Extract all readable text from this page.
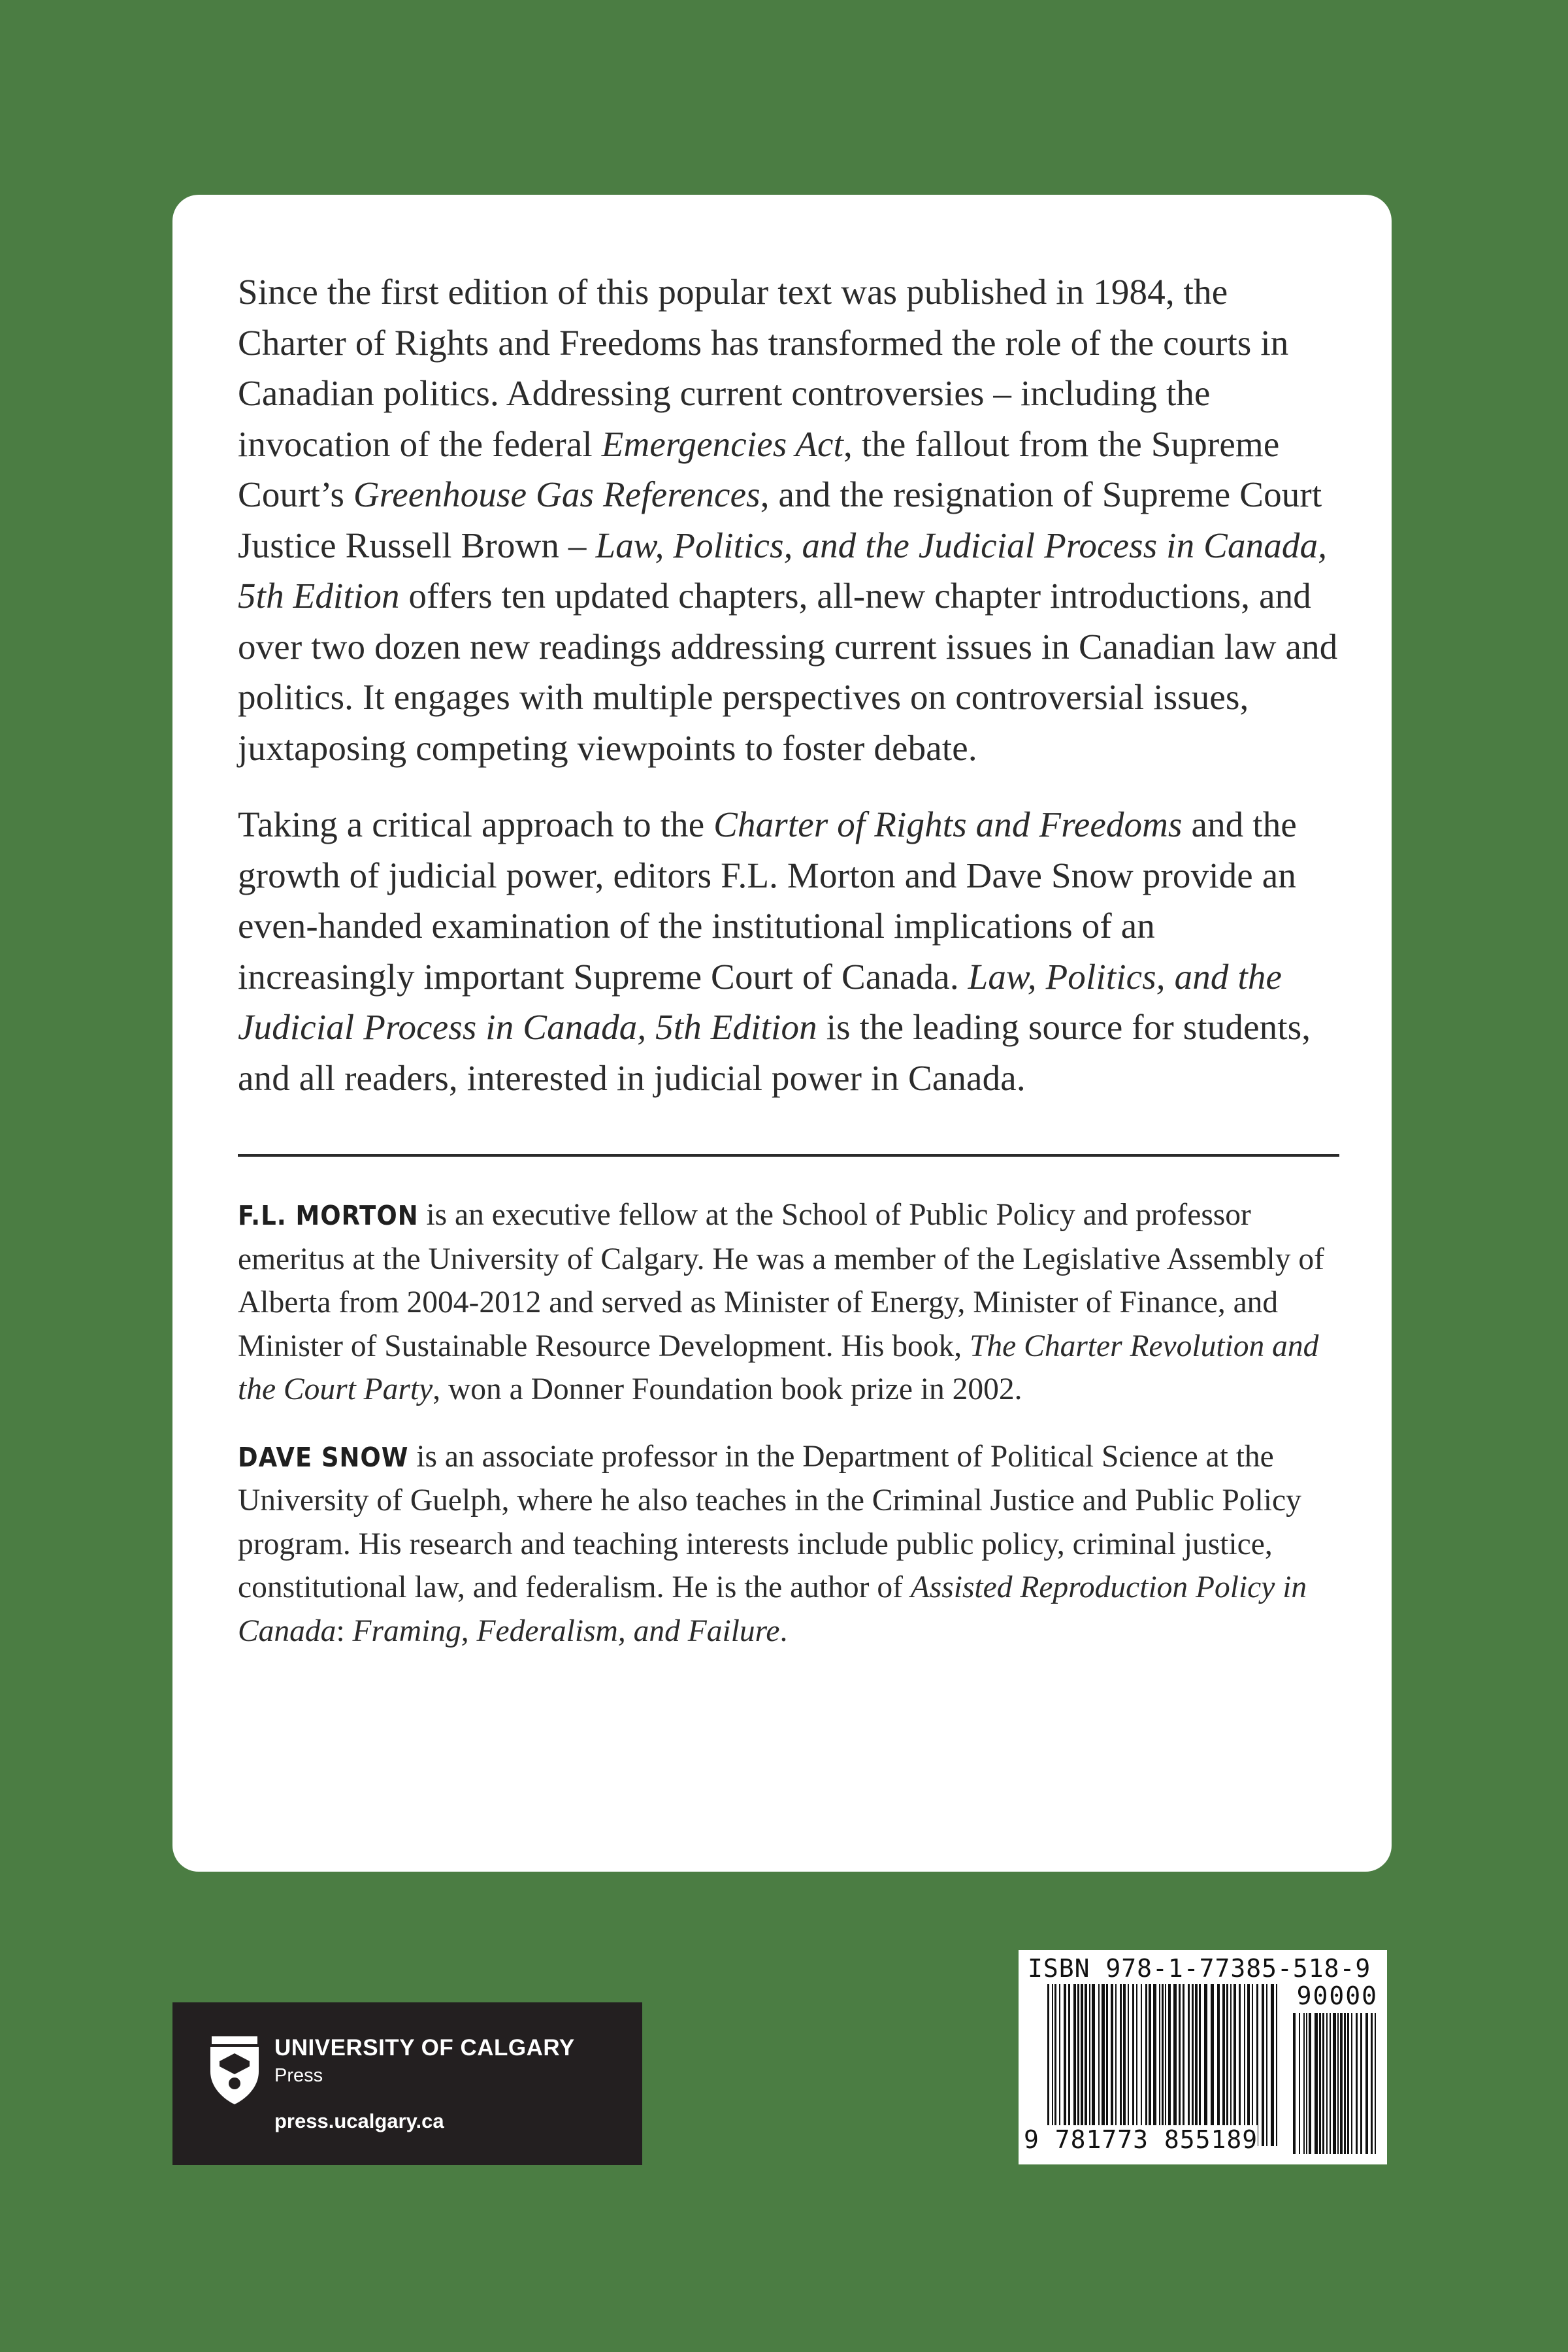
Since the first edition of this popular text was published in 1984, the Charter of Rights and Freedoms has transformed the role of the courts in Canadian politics. Addressing current controversies – including the invocation of the federal Emergencies Act, the fallout from the Supreme Court’s Greenhouse Gas References, and the resignation of Supreme Court Justice Russell Brown – Law, Politics, and the Judicial Process in Canada, 5th Edition offers ten updated chapters, all-new chapter introductions, and over two dozen new readings addressing current issues in Canadian law and politics. It engages with multiple perspectives on controversial issues, juxtaposing competing viewpoints to foster debate.

Taking a critical approach to the Charter of Rights and Freedoms and the growth of judicial power, editors F.L. Morton and Dave Snow provide an even-handed examination of the institutional implications of an increasingly important Supreme Court of Canada. Law, Politics, and the Judicial Process in Canada, 5th Edition is the leading source for students, and all readers, interested in judicial power in Canada.

F.L. MORTON is an executive fellow at the School of Public Policy and professor emeritus at the University of Calgary. He was a member of the Legislative Assembly of Alberta from 2004-2012 and served as Minister of Energy, Minister of Finance, and Minister of Sustainable Resource Development. His book, The Charter Revolution and the Court Party, won a Donner Foundation book prize in 2002.

DAVE SNOW is an associate professor in the Department of Political Science at the University of Guelph, where he also teaches in the Criminal Justice and Public Policy program. His research and teaching interests include public policy, criminal justice, constitutional law, and federalism. He is the author of Assisted Reproduction Policy in Canada: Framing, Federalism, and Failure.

UNIVERSITY OF CALGARY
Press
press.ucalgary.ca
ISBN 978-1-77385-518-9
90000
9 781773 855189
